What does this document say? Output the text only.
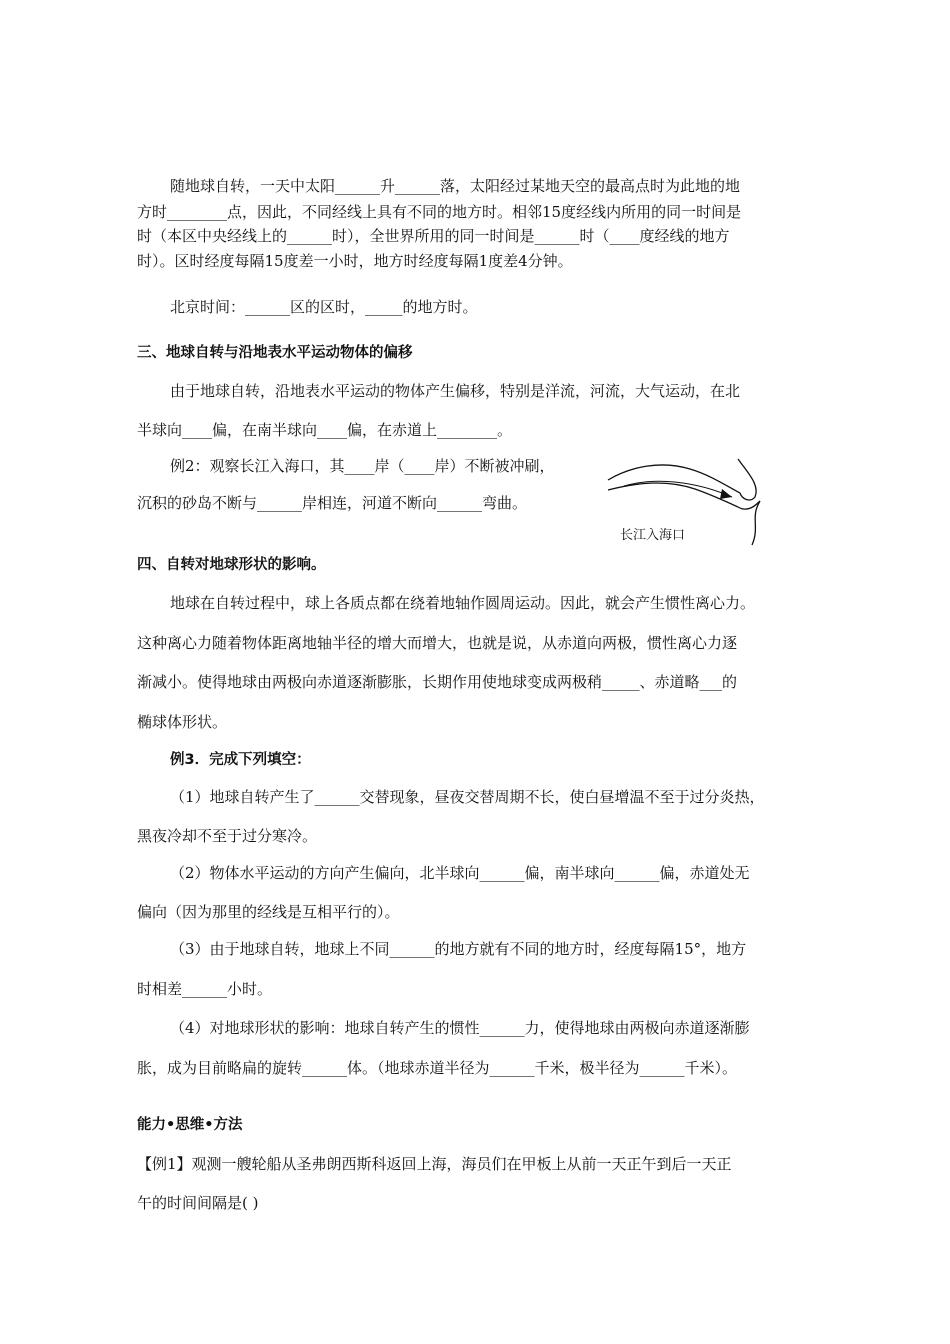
随地球自转，一天中太阳______升______落，太阳经过某地天空的最高点时为此地的地
方时________点，因此，不同经线上具有不同的地方时。相邻15度经线内所用的同一时间是
时（本区中央经线上的______时），全世界所用的同一时间是______时（____度经线的地方
时）。区时经度每隔15度差一小时，地方时经度每隔1度差4分钟。
北京时间：______区的区时，_____的地方时。
三、地球自转与沿地表水平运动物体的偏移
由于地球自转，沿地表水平运动的物体产生偏移，特别是洋流，河流，大气运动，在北
半球向____偏，在南半球向____偏，在赤道上________。
例2：观察长江入海口，其____岸（____岸）不断被冲刷，
沉积的砂岛不断与______岸相连，河道不断向______弯曲。
长江入海口
四、自转对地球形状的影响。
地球在自转过程中，球上各质点都在绕着地轴作圆周运动。因此，就会产生惯性离心力。
这种离心力随着物体距离地轴半径的增大而增大，也就是说，从赤道向两极，惯性离心力逐
渐减小。使得地球由两极向赤道逐渐膨胀，长期作用使地球变成两极稍_____、赤道略___的
椭球体形状。
例3．完成下列填空：
（1）地球自转产生了______交替现象，昼夜交替周期不长，使白昼增温不至于过分炎热，
黑夜冷却不至于过分寒冷。
（2）物体水平运动的方向产生偏向，北半球向______偏，南半球向______偏，赤道处无
偏向（因为那里的经线是互相平行的）。
（3）由于地球自转，地球上不同______的地方就有不同的地方时，经度每隔15°，地方
时相差______小时。
（4）对地球形状的影响：地球自转产生的惯性______力，使得地球由两极向赤道逐渐膨
胀，成为目前略扁的旋转______体。（地球赤道半径为______千米，极半径为______千米）。
能力•思维•方法
【例1】观测一艘轮船从圣弗朗西斯科返回上海，海员们在甲板上从前一天正午到后一天正
午的时间间隔是( )
